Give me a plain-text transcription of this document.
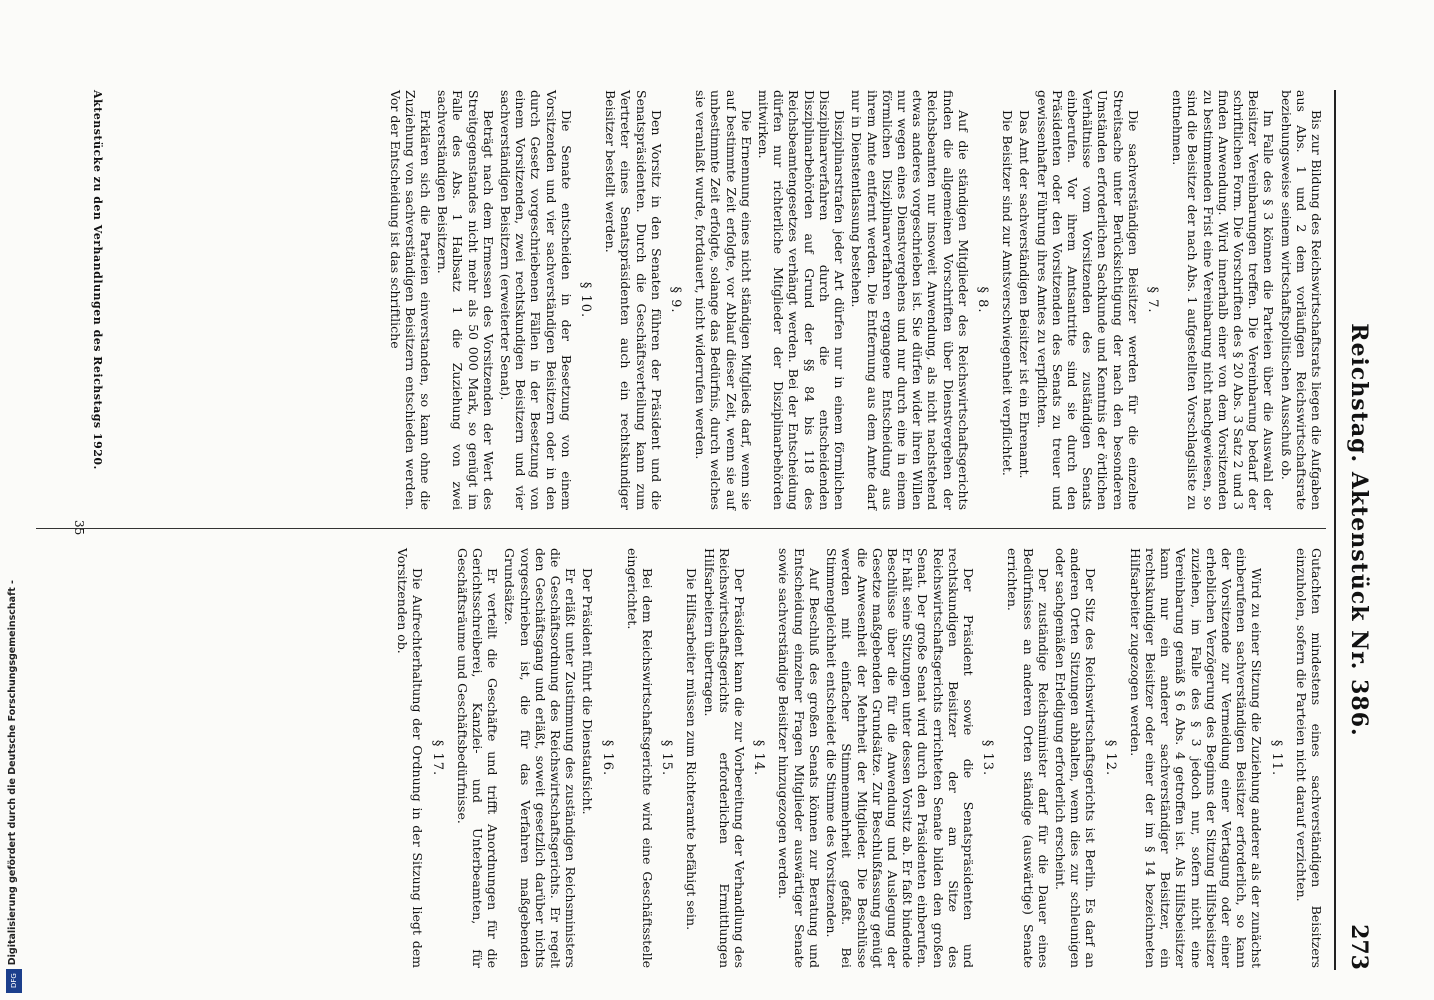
Reichstag. Aktenstück Nr. 386.
273

Bis zur Bildung des Reichswirtschaftsrats liegen die Aufgaben aus Abs. 1 und 2 dem vorläufigen Reichswirtschaftsrate beziehungsweise seinem wirtschaftspolitischen Ausschuß ob.

Im Falle des § 3 können die Parteien über die Auswahl der Beisitzer Vereinbarungen treffen. Die Vereinbarung bedarf der schriftlichen Form. Die Vorschriften des § 20 Abs. 3 Satz 2 und 3 finden Anwendung. Wird innerhalb einer von dem Vorsitzenden zu bestimmenden Frist eine Vereinbarung nicht nachgewiesen, so sind die Beisitzer der nach Abs. 1 aufgestellten Vorschlagsliste zu entnehmen.

§ 7.

Die sachverständigen Beisitzer werden für die einzelne Streitsache unter Berücksichtigung der nach den besonderen Umständen erforderlichen Sachkunde und Kenntnis der örtlichen Verhältnisse vom Vorsitzenden des zuständigen Senats einberufen. Vor ihrem Amtsantritte sind sie durch den Präsidenten oder den Vorsitzenden des Senats zu treuer und gewissenhafter Führung ihres Amtes zu verpflichten.

Das Amt der sachverständigen Beisitzer ist ein Ehrenamt.

Die Beisitzer sind zur Amtsverschwiegenheit verpflichtet.

§ 8.

Auf die ständigen Mitglieder des Reichswirtschaftsgerichts finden die allgemeinen Vorschriften über Dienstvergehen der Reichsbeamten nur insoweit Anwendung, als nicht nachstehend etwas anderes vorgeschrieben ist. Sie dürfen wider ihren Willen nur wegen eines Dienstvergehens und nur durch eine in einem förmlichen Disziplinarverfahren ergangene Entscheidung aus ihrem Amte entfernt werden. Die Entfernung aus dem Amte darf nur in Dienstentlassung bestehen.

Disziplinarstrafen jeder Art dürfen nur in einem förmlichen Disziplinarverfahren durch die entscheidenden Disziplinarbehörden auf Grund der §§ 84 bis 118 des Reichsbeamtengesetzes verhängt werden. Bei der Entscheidung dürfen nur richterliche Mitglieder der Disziplinarbehörden mitwirken.

Die Ernennung eines nicht ständigen Mitglieds darf, wenn sie auf bestimmte Zeit erfolgte, vor Ablauf dieser Zeit, wenn sie auf unbestimmte Zeit erfolgte, solange das Bedürfnis, durch welches sie veranlaßt wurde, fortdauert, nicht widerrufen werden.

§ 9.

Den Vorsitz in den Senaten führen der Präsident und die Senatspräsidenten. Durch die Geschäftsverteilung kann zum Vertreter eines Senatspräsidenten auch ein rechtskundiger Beisitzer bestellt werden.

§ 10.

Die Senate entscheiden in der Besetzung von einem Vorsitzenden und vier sachverständigen Beisitzern oder in den durch Gesetz vorgeschriebenen Fällen in der Besetzung von einem Vorsitzenden, zwei rechtskundigen Beisitzern und vier sachverständigen Beisitzern (erweiterter Senat).

Beträgt nach dem Ermessen des Vorsitzenden der Wert des Streitgegenstandes nicht mehr als 50 000 Mark, so genügt im Falle des Abs. 1 Halbsatz 1 die Zuziehung von zwei sachverständigen Beisitzern.

Erklären sich die Parteien einverstanden, so kann ohne die Zuziehung von sachverständigen Beisitzern entschieden werden. Vor der Entscheidung ist das schriftliche

Gutachten mindestens eines sachverständigen Beisitzers einzuholen, sofern die Parteien nicht darauf verzichten.

§ 11.

Wird zu einer Sitzung die Zuziehung anderer als der zunächst einberufenen sachverständigen Beisitzer erforderlich, so kann der Vorsitzende zur Vermeidung einer Vertagung oder einer erheblichen Verzögerung des Beginns der Sitzung Hilfsbeisitzer zuziehen, im Falle des § 3 jedoch nur, sofern nicht eine Vereinbarung gemäß § 6 Abs. 4 getroffen ist. Als Hilfsbeisitzer kann nur ein anderer sachverständiger Beisitzer, ein rechtskundiger Beisitzer oder einer der im § 14 bezeichneten Hilfsarbeiter zugezogen werden.

§ 12.

Der Sitz des Reichswirtschaftsgerichts ist Berlin. Es darf an anderen Orten Sitzungen abhalten, wenn dies zur schleunigen oder sachgemäßen Erledigung erforderlich erscheint.

Der zuständige Reichsminister darf für die Dauer eines Bedürfnisses an anderen Orten ständige (auswärtige) Senate errichten.

§ 13.

Der Präsident sowie die Senatspräsidenten und rechtskundigen Beisitzer der am Sitze des Reichswirtschaftsgerichts errichteten Senate bilden den großen Senat. Der große Senat wird durch den Präsidenten einberufen. Er hält seine Sitzungen unter dessen Vorsitz ab. Er faßt bindende Beschlüsse über die für die Anwendung und Auslegung der Gesetze maßgebenden Grundsätze. Zur Beschlußfassung genügt die Anwesenheit der Mehrheit der Mitglieder. Die Beschlüsse werden mit einfacher Stimmenmehrheit gefaßt. Bei Stimmengleichheit entscheidet die Stimme des Vorsitzenden.

Auf Beschluß des großen Senats können zur Beratung und Entscheidung einzelner Fragen Mitglieder auswärtiger Senate sowie sachverständige Beisitzer hinzugezogen werden.

§ 14.

Der Präsident kann die zur Vorbereitung der Verhandlung des Reichswirtschaftsgerichts erforderlichen Ermittlungen Hilfsarbeitern übertragen.

Die Hilfsarbeiter müssen zum Richteramte befähigt sein.

§ 15.

Bei dem Reichswirtschaftsgerichte wird eine Geschäftsstelle eingerichtet.

§ 16.

Der Präsident führt die Dienstaufsicht.

Er erläßt unter Zustimmung des zuständigen Reichsministers die Geschäftsordnung des Reichswirtschaftsgerichts. Er regelt den Geschäftsgang und erläßt, soweit gesetzlich darüber nichts vorgeschrieben ist, die für das Verfahren maßgebenden Grundsätze.

Er verteilt die Geschäfte und trifft Anordnungen für die Gerichtsschreiberei, Kanzlei- und Unterbeamten, für Geschäftsräume und Geschäftsbedürfnisse.

§ 17.

Die Aufrechterhaltung der Ordnung in der Sitzung liegt dem Vorsitzenden ob.

Aktenstücke zu den Verhandlungen des Reichstags 1920.
35
Digitalisierung gefördert durch die Deutsche Forschungsgemeinschaft -
DFG
